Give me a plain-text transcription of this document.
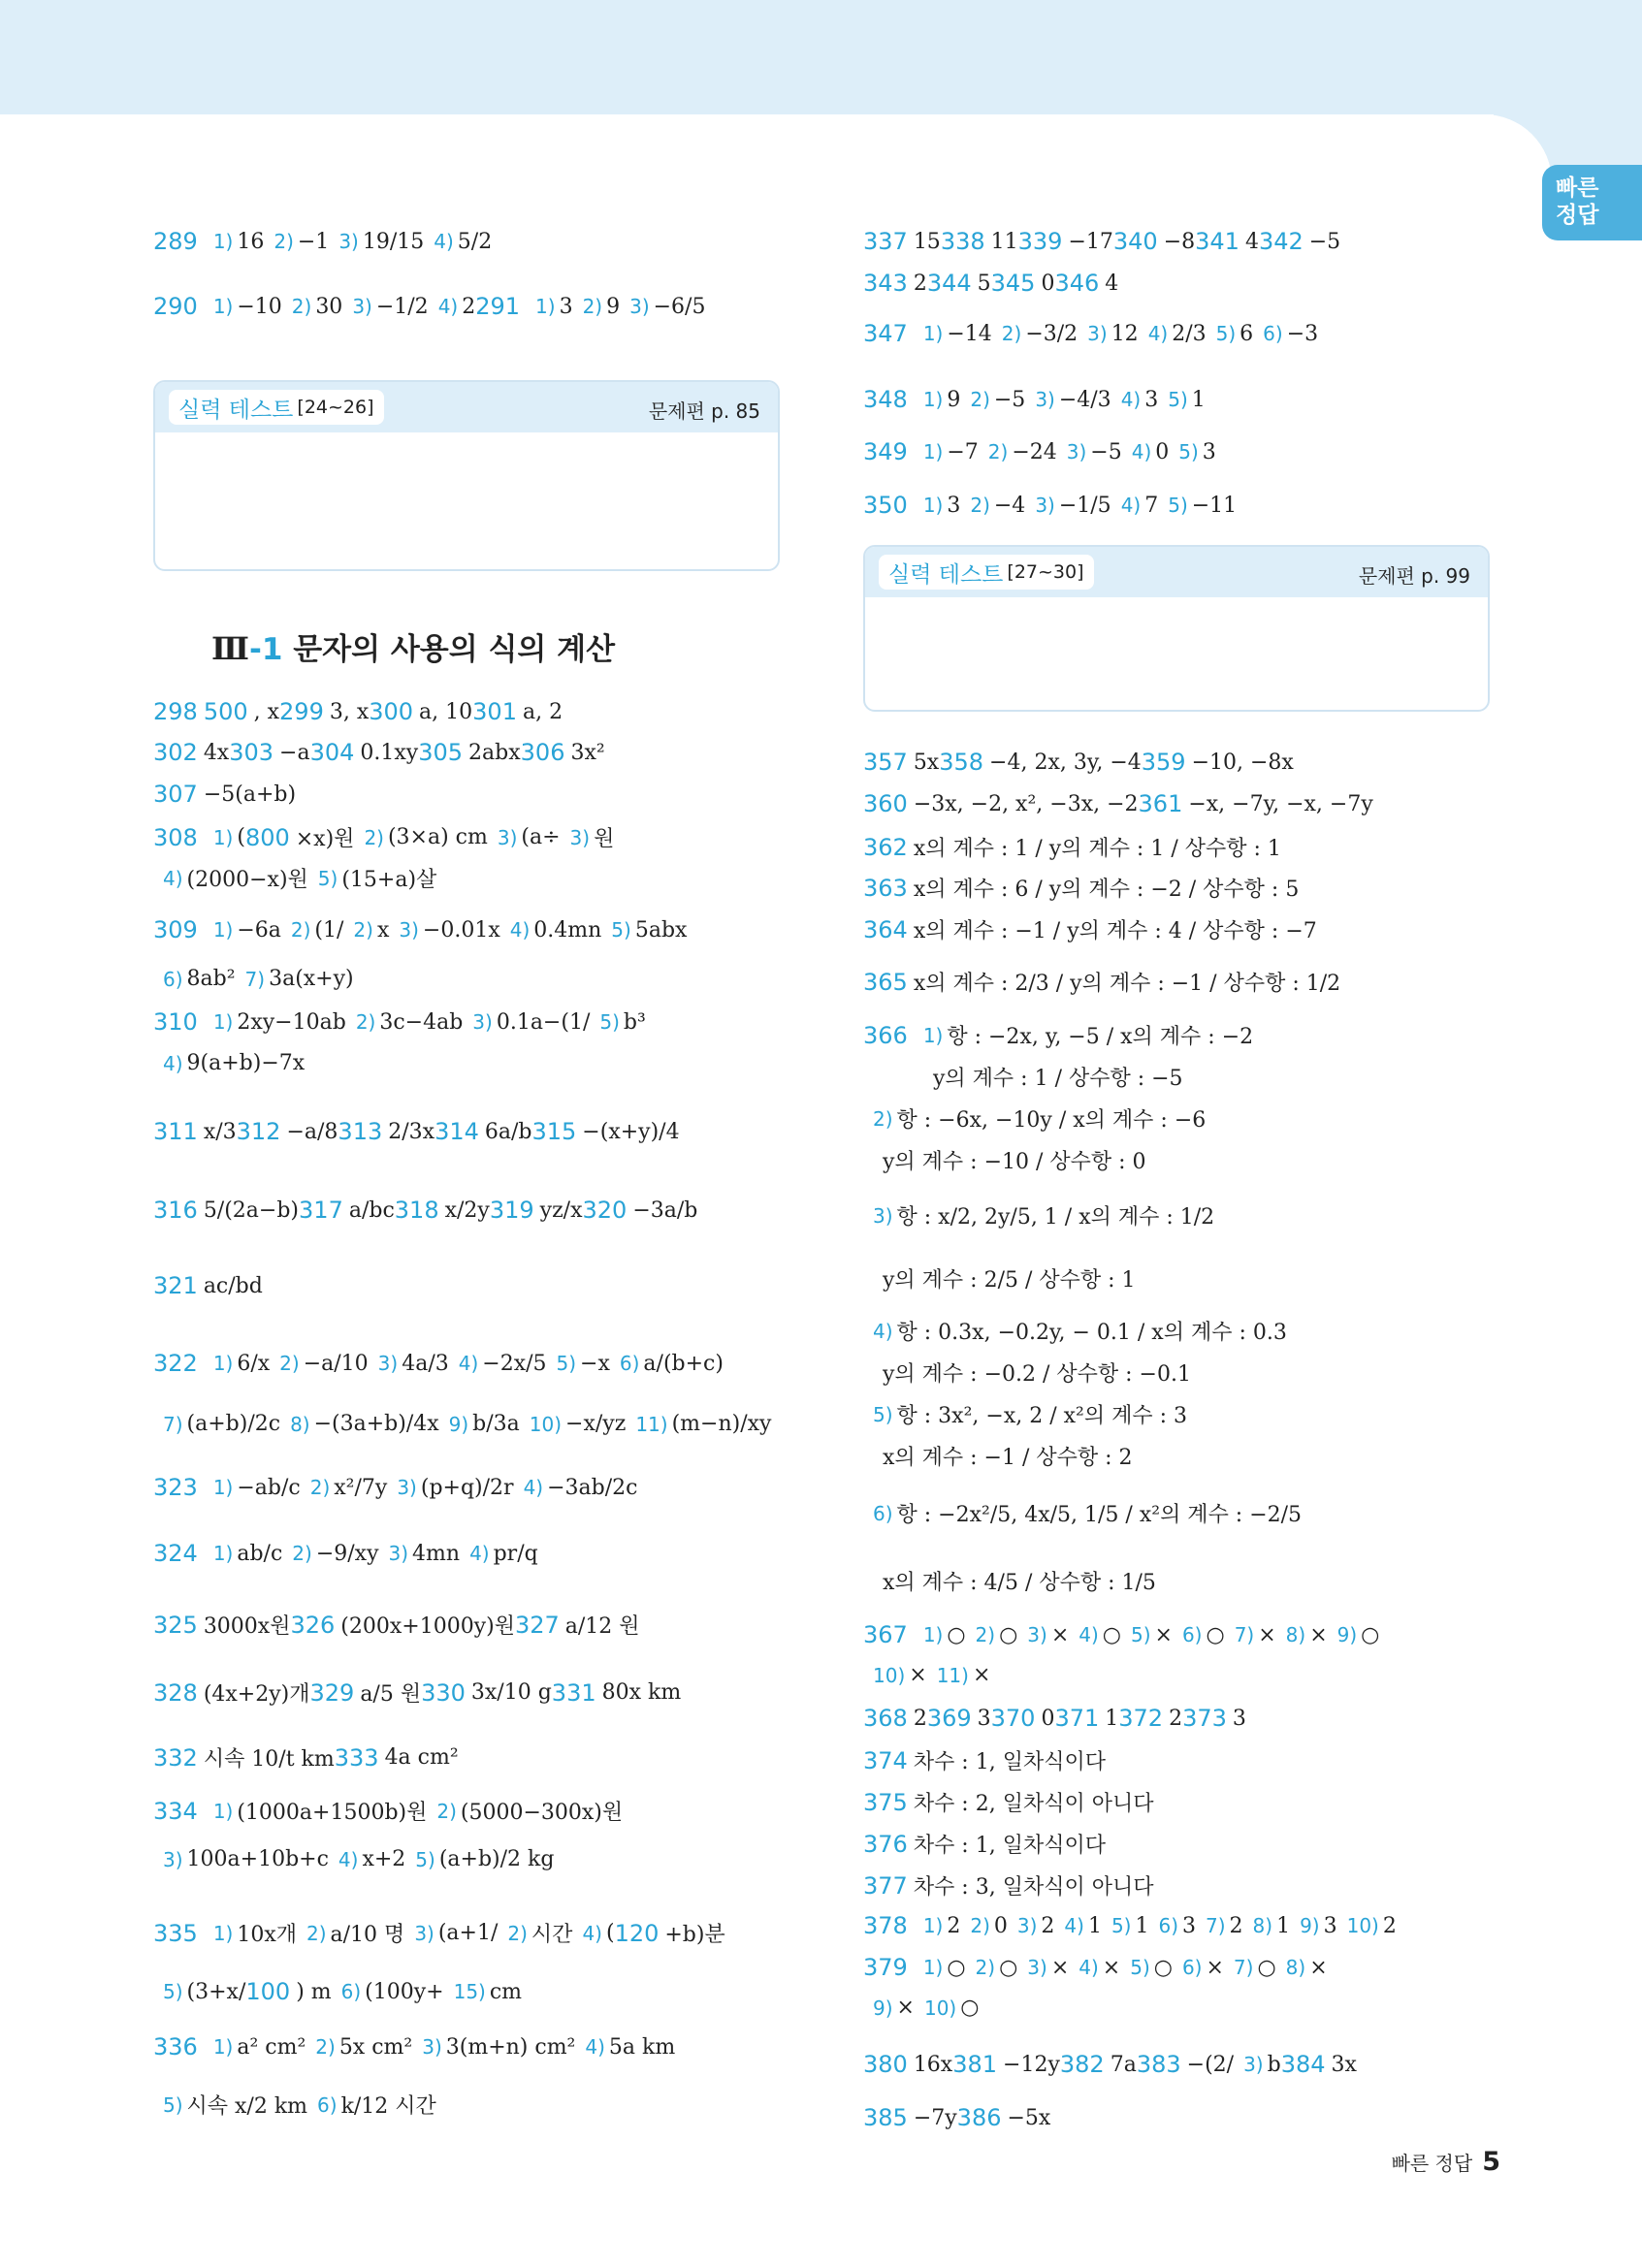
빠른
정답
289 1) 16 2) −1 3) 19/15 4) 5/2
290 1) −10 2) 30 3) −1/2 4) 2 291 1) 3 2) 9 3) −6/5
298 500 , x 299 3, x 300 a, 10 301 a, 2
302 4x 303 −a 304 0.1xy 305 2abx 306 3x²
307 −5(a+b)
308 1) ( 800 ×x)원 2) (3×a) cm 3) (a÷ 3) 원
4) (2000−x)원 5) (15+a)살
309 1) −6a 2) (1/ 2) x 3) −0.01x 4) 0.4mn 5) 5abx
6) 8ab² 7) 3a(x+y)
310 1) 2xy−10ab 2) 3c−4ab 3) 0.1a−(1/ 5) b³
4) 9(a+b)−7x
311 x/3 312 −a/8 313 2/3x 314 6a/b 315 −(x+y)/4
316 5/(2a−b) 317 a/bc 318 x/2y 319 yz/x 320 −3a/b
321 ac/bd
322 1) 6/x 2) −a/10 3) 4a/3 4) −2x/5 5) −x 6) a/(b+c)
7) (a+b)/2c 8) −(3a+b)/4x 9) b/3a 10) −x/yz 11) (m−n)/xy
323 1) −ab/c 2) x²/7y 3) (p+q)/2r 4) −3ab/2c
324 1) ab/c 2) −9/xy 3) 4mn 4) pr/q
325 3000x원 326 (200x+1000y)원 327 a/12 원
328 (4x+2y)개 329 a/5 원 330 3x/10 g 331 80x km
332 시속 10/t km 333 4a cm²
334 1) (1000a+1500b)원 2) (5000−300x)원
3) 100a+10b+c 4) x+2 5) (a+b)/2 kg
335 1) 10x개 2) a/10 명 3) (a+1/ 2) 시간 4) ( 120 +b)분
5) (3+x/ 100 ) m 6) (100y+ 15) cm
336 1) a² cm² 2) 5x cm² 3) 3(m+n) cm² 4) 5a km
5) 시속 x/2 km 6) k/12 시간
337 15 338 11 339 −17 340 −8 341 4 342 −5
343 2 344 5 345 0 346 4
347 1) −14 2) −3/2 3) 12 4) 2/3 5) 6 6) −3
348 1) 9 2) −5 3) −4/3 4) 3 5) 1
349 1) −7 2) −24 3) −5 4) 0 5) 3
350 1) 3 2) −4 3) −1/5 4) 7 5) −11
357 5x 358 −4, 2x, 3y, −4 359 −10, −8x
360 −3x, −2, x², −3x, −2 361 −x, −7y, −x, −7y
362 x의 계수 : 1 / y의 계수 : 1 / 상수항 : 1
363 x의 계수 : 6 / y의 계수 : −2 / 상수항 : 5
364 x의 계수 : −1 / y의 계수 : 4 / 상수항 : −7
365 x의 계수 : 2/3 / y의 계수 : −1 / 상수항 : 1/2
366 1) 항 : −2x, y, −5 / x의 계수 : −2
y의 계수 : 1 / 상수항 : −5
2) 항 : −6x, −10y / x의 계수 : −6
y의 계수 : −10 / 상수항 : 0
3) 항 : x/2, 2y/5, 1 / x의 계수 : 1/2
y의 계수 : 2/5 / 상수항 : 1
4) 항 : 0.3x, −0.2y, − 0.1 / x의 계수 : 0.3
y의 계수 : −0.2 / 상수항 : −0.1
5) 항 : 3x², −x, 2 / x²의 계수 : 3
x의 계수 : −1 / 상수항 : 2
6) 항 : −2x²/5, 4x/5, 1/5 / x²의 계수 : −2/5
x의 계수 : 4/5 / 상수항 : 1/5
367 1) ○ 2) ○ 3) × 4) ○ 5) × 6) ○ 7) × 8) × 9) ○
10) × 11) ×
368 2 369 3 370 0 371 1 372 2 373 3
374 차수 : 1, 일차식이다
375 차수 : 2, 일차식이 아니다
376 차수 : 1, 일차식이다
377 차수 : 3, 일차식이 아니다
378 1) 2 2) 0 3) 2 4) 1 5) 1 6) 3 7) 2 8) 1 9) 3 10) 2
379 1) ○ 2) ○ 3) × 4) × 5) ○ 6) × 7) ○ 8) ×
9) × 10) ○
380 16x 381 −12y 382 7a 383 −(2/ 3) b 384 3x
385 −7y 386 −5x
실력 테스트 [24~26]	문제편 p. 85
실력 테스트 [27~30]	문제편 p. 99
Ⅲ-1 문자의 사용의 식의 계산
빠른 정답 5
